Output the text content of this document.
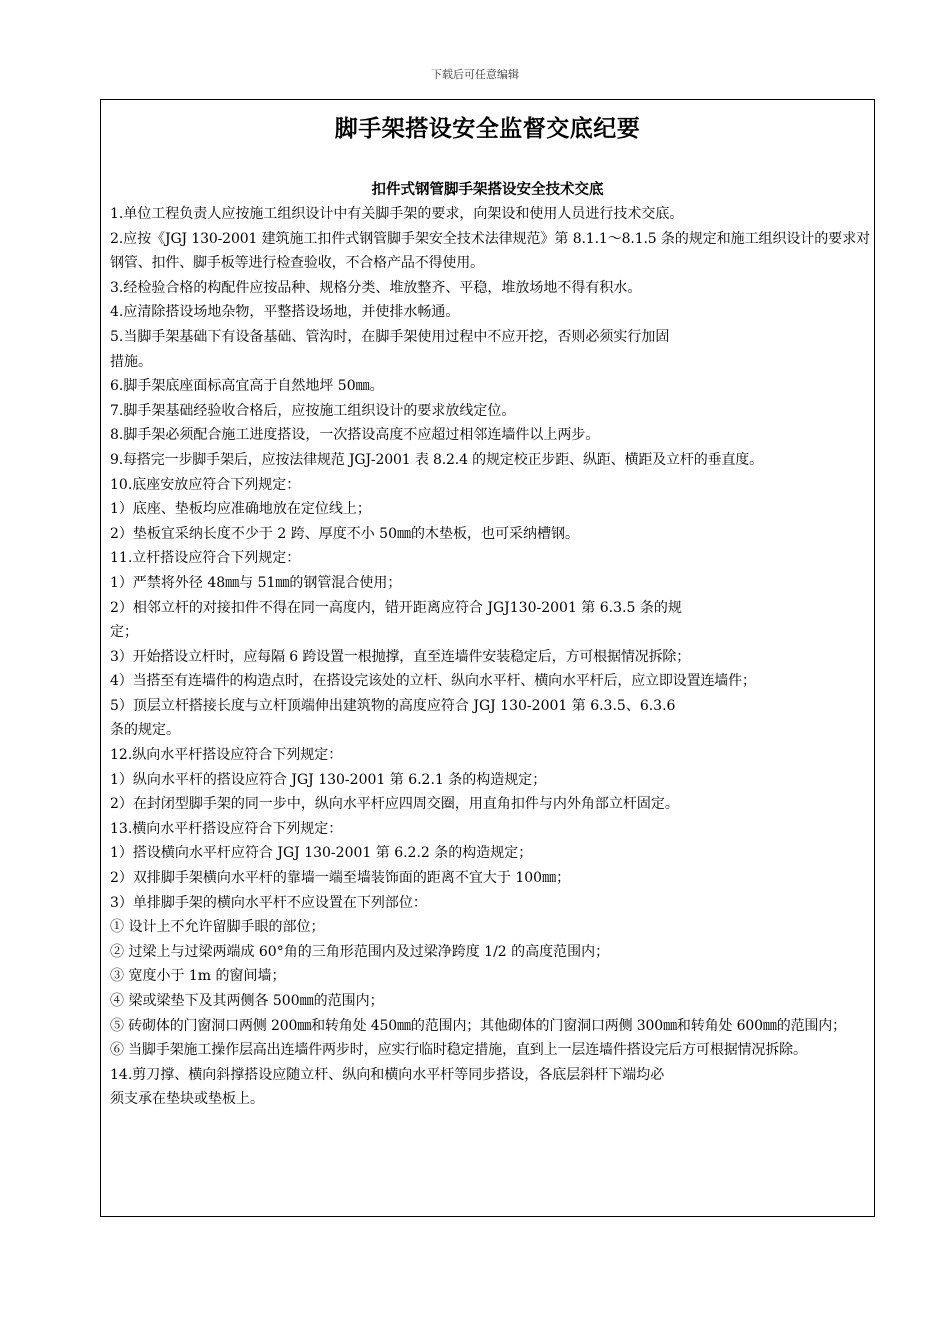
下载后可任意编辑
脚手架搭设安全监督交底纪要
扣件式钢管脚手架搭设安全技术交底

1.单位工程负责人应按施工组织设计中有关脚手架的要求，向架设和使用人员进行技术交底。

2.应按《JGJ 130-2001 建筑施工扣件式钢管脚手架安全技术法律规范》第 8.1.1～8.1.5 条的规定和施工组织设计的要求对钢管、扣件、脚手板等进行检查验收，不合格产品不得使用。

3.经检验合格的构配件应按品种、规格分类、堆放整齐、平稳，堆放场地不得有积水。

4.应清除搭设场地杂物，平整搭设场地，并使排水畅通。

5.当脚手架基础下有设备基础、管沟时，在脚手架使用过程中不应开挖，否则必须实行加固

措施。

6.脚手架底座面标高宜高于自然地坪 50㎜。

7.脚手架基础经验收合格后，应按施工组织设计的要求放线定位。

8.脚手架必须配合施工进度搭设，一次搭设高度不应超过相邻连墙件以上两步。

9.每搭完一步脚手架后，应按法律规范 JGJ-2001 表 8.2.4 的规定校正步距、纵距、横距及立杆的垂直度。

10.底座安放应符合下列规定：

1）底座、垫板均应准确地放在定位线上；

2）垫板宜采纳长度不少于 2 跨、厚度不小 50㎜的木垫板，也可采纳槽钢。

11.立杆搭设应符合下列规定：

1）严禁将外径 48㎜与 51㎜的钢管混合使用；

2）相邻立杆的对接扣件不得在同一高度内，错开距离应符合 JGJ130-2001 第 6.3.5 条的规

定；

3）开始搭设立杆时，应每隔 6 跨设置一根抛撑，直至连墙件安装稳定后，方可根据情况拆除；

4）当搭至有连墙件的构造点时，在搭设完该处的立杆、纵向水平杆、横向水平杆后，应立即设置连墙件；

5）顶层立杆搭接长度与立杆顶端伸出建筑物的高度应符合 JGJ 130-2001 第 6.3.5、6.3.6

条的规定。

12.纵向水平杆搭设应符合下列规定：

1）纵向水平杆的搭设应符合 JGJ 130-2001 第 6.2.1 条的构造规定；

2）在封闭型脚手架的同一步中，纵向水平杆应四周交圈，用直角扣件与内外角部立杆固定。

13.横向水平杆搭设应符合下列规定：

1）搭设横向水平杆应符合 JGJ 130-2001 第 6.2.2 条的构造规定；

2）双排脚手架横向水平杆的靠墙一端至墙装饰面的距离不宜大于 100㎜；

3）单排脚手架的横向水平杆不应设置在下列部位：

① 设计上不允许留脚手眼的部位；

② 过梁上与过梁两端成 60°角的三角形范围内及过梁净跨度 1/2 的高度范围内；

③ 宽度小于 1m 的窗间墙；

④ 梁或梁垫下及其两侧各 500㎜的范围内；

⑤ 砖砌体的门窗洞口两侧 200㎜和转角处 450㎜的范围内；其他砌体的门窗洞口两侧 300㎜和转角处 600㎜的范围内；

⑥ 当脚手架施工操作层高出连墙件两步时，应实行临时稳定措施，直到上一层连墙件搭设完后方可根据情况拆除。

14.剪刀撑、横向斜撑搭设应随立杆、纵向和横向水平杆等同步搭设，各底层斜杆下端均必

须支承在垫块或垫板上。
